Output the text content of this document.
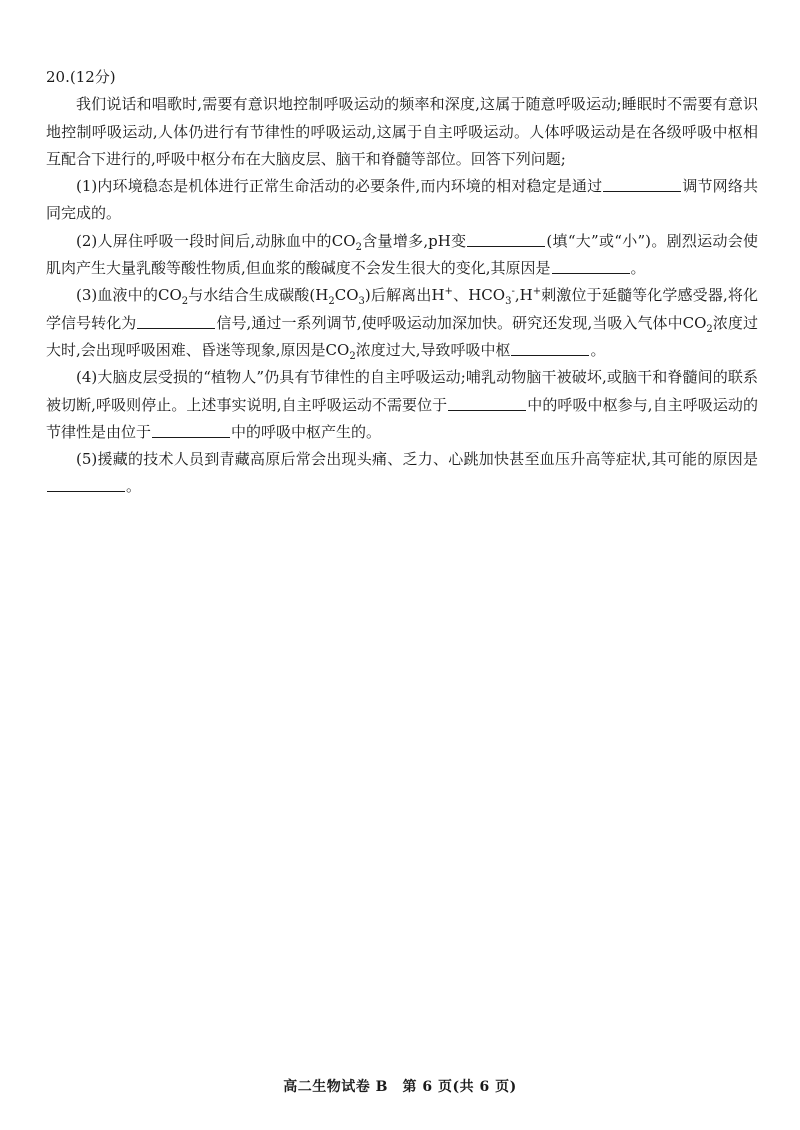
20.(12分)

我们说话和唱歌时,需要有意识地控制呼吸运动的频率和深度,这属于随意呼吸运动;睡眠时不需要有意识地控制呼吸运动,人体仍进行有节律性的呼吸运动,这属于自主呼吸运动。人体呼吸运动是在各级呼吸中枢相互配合下进行的,呼吸中枢分布在大脑皮层、脑干和脊髓等部位。回答下列问题;

(1)内环境稳态是机体进行正常生命活动的必要条件,而内环境的相对稳定是通过	调节网络共同完成的。

(2)人屏住呼吸一段时间后,动脉血中的$CO_2$含量增多,pH变	(填“大”或“小”)。剧烈运动会使肌肉产生大量乳酸等酸性物质,但血浆的酸碱度不会发生很大的变化,其原因是	。

(3)血液中的$CO_2$与水结合生成碳酸$(H_2CO_3)$后解离出H+、$HCO_3^-,H^+$刺激位于延髓等化学感受器,将化学信号转化为	信号,通过一系列调节,使呼吸运动加深加快。研究还发现,当吸入气体中$CO_2$浓度过大时,会出现呼吸困难、昏迷等现象,原因是$CO_2$浓度过大,导致呼吸中枢	。

(4)大脑皮层受损的“植物人”仍具有节律性的自主呼吸运动;哺乳动物脑干被破坏,或脑干和脊髓间的联系被切断,呼吸则停止。上述事实说明,自主呼吸运动不需要位于	中的呼吸中枢参与,自主呼吸运动的节律性是由位于	中的呼吸中枢产生的。

(5)援藏的技术人员到青藏高原后常会出现头痛、乏力、心跳加快甚至血压升高等症状,其可能的原因是。

高二生物试卷 B　第 6 页(共 6 页)
